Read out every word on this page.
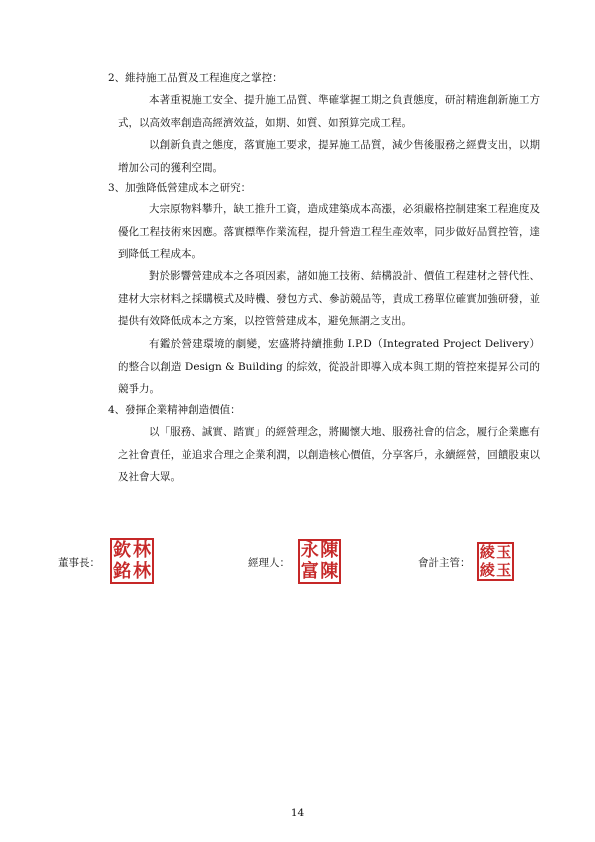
2、維持施工品質及工程進度之掌控：
本著重視施工安全、提升施工品質、準確掌握工期之負責態度，研討精進創新施工方式，以高效率創造高經濟效益，如期、如質、如預算完成工程。
以創新負責之態度，落實施工要求，提昇施工品質，減少售後服務之經費支出，以期增加公司的獲利空間。
3、加強降低營建成本之研究：
大宗原物料攀升，缺工推升工資，造成建築成本高漲，必須嚴格控制建案工程進度及優化工程技術來因應。落實標準作業流程，提升營造工程生產效率，同步做好品質控管，達到降低工程成本。
對於影響營建成本之各項因素，諸如施工技術、結構設計、價值工程建材之替代性、建材大宗材料之採購模式及時機、發包方式、參訪競品等，責成工務單位確實加強研發，並提供有效降低成本之方案，以控管營建成本，避免無謂之支出。
有鑑於營建環境的劇變，宏盛將持續推動 I.P.D（Integrated Project Delivery）的整合以創造 Design & Building 的綜效，從設計即導入成本與工期的管控來提昇公司的競爭力。
4、發揮企業精神創造價值：
以「服務、誠實、踏實」的經營理念，將關懷大地、服務社會的信念，履行企業應有之社會責任，並追求合理之企業利潤，以創造核心價值，分享客戶，永續經營，回饋股東以及社會大眾。
董事長：
欽 林
銘 林	經理人：
永 陳
富 陳	會計主管：
綾 玉
綾 玉
14
